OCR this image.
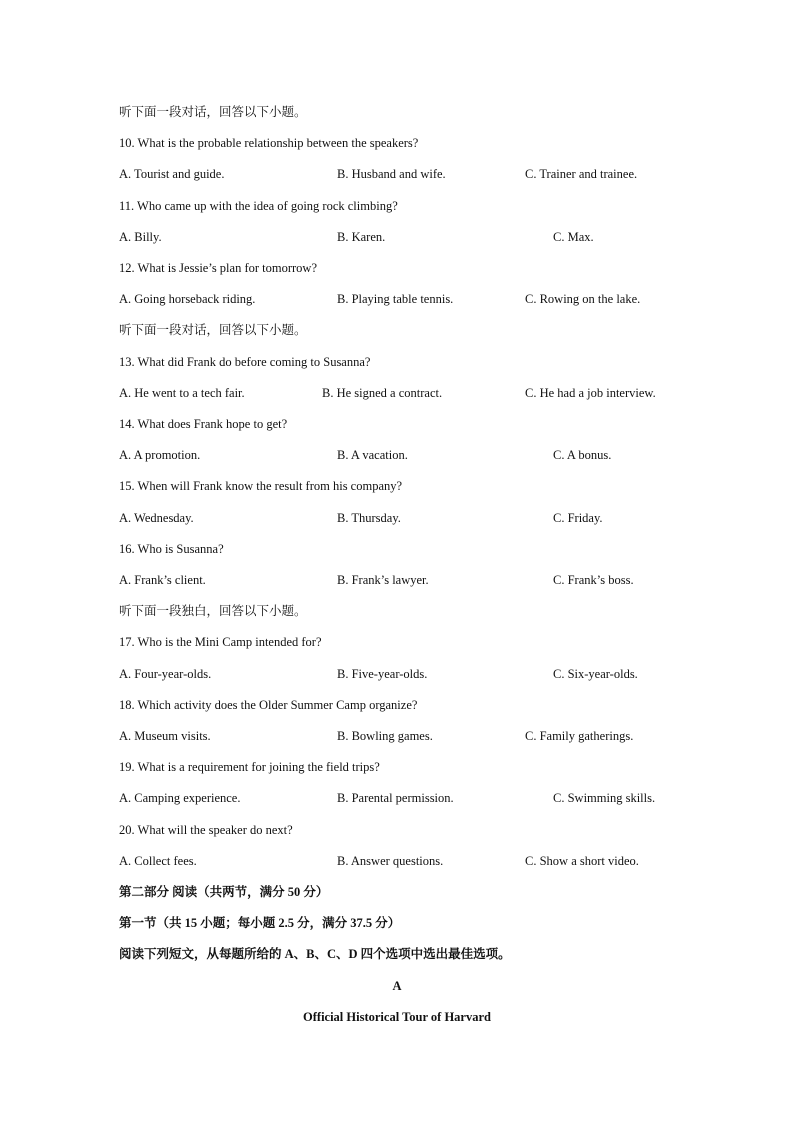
听下面一段对话，回答以下小题。
10. What is the probable relationship between the speakers?
A. Tourist and guide.	B. Husband and wife.	C. Trainer and trainee.
11. Who came up with the idea of going rock climbing?
A. Billy.	B. Karen.	C. Max.
12. What is Jessie’s plan for tomorrow?
A. Going horseback riding.	B. Playing table tennis.	C. Rowing on the lake.
听下面一段对话，回答以下小题。
13. What did Frank do before coming to Susanna?
A. He went to a tech fair.	B. He signed a contract.	C. He had a job interview.
14. What does Frank hope to get?
A. A promotion.	B. A vacation.	C. A bonus.
15. When will Frank know the result from his company?
A. Wednesday.	B. Thursday.	C. Friday.
16. Who is Susanna?
A. Frank’s client.	B. Frank’s lawyer.	C. Frank’s boss.
听下面一段独白，回答以下小题。
17. Who is the Mini Camp intended for?
A. Four-year-olds.	B. Five-year-olds.	C. Six-year-olds.
18. Which activity does the Older Summer Camp organize?
A. Museum visits.	B. Bowling games.	C. Family gatherings.
19. What is a requirement for joining the field trips?
A. Camping experience.	B. Parental permission.	C. Swimming skills.
20. What will the speaker do next?
A. Collect fees.	B. Answer questions.	C. Show a short video.
第二部分 阅读（共两节，满分 50 分）
第一节（共 15 小题；每小题 2.5 分，满分 37.5 分）
阅读下列短文，从每题所给的 A、B、C、D 四个选项中选出最佳选项。
A
Official Historical Tour of Harvard
